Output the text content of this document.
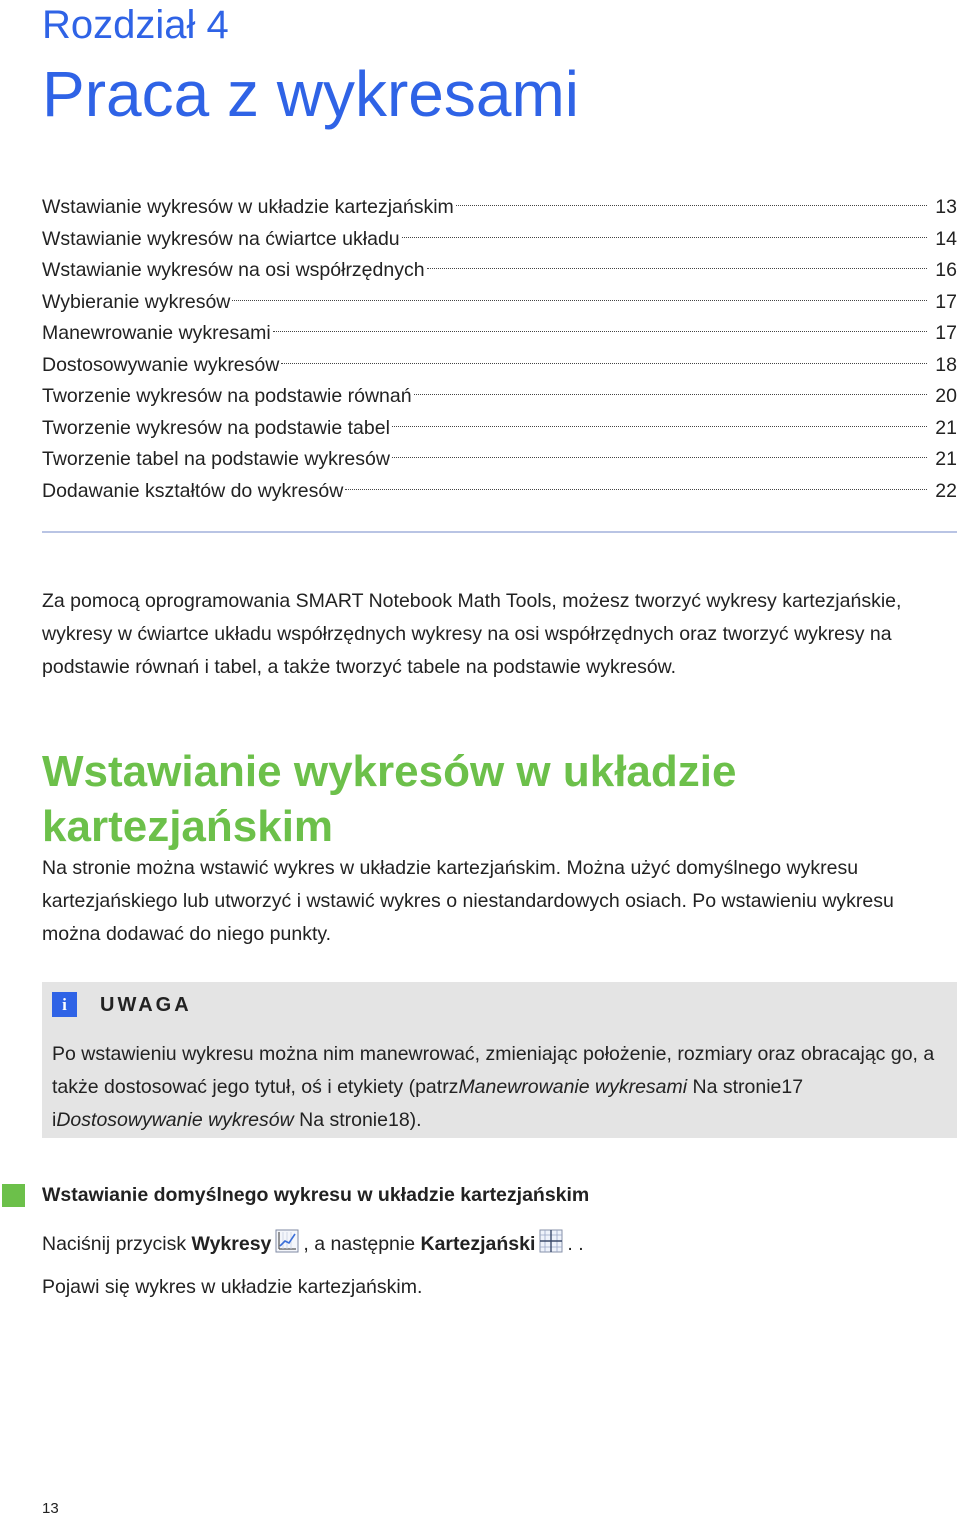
Rozdział 4
Praca z wykresami
Wstawianie wykresów w układzie kartezjańskim	13
Wstawianie wykresów na ćwiartce układu	14
Wstawianie wykresów na osi współrzędnych	16
Wybieranie wykresów	17
Manewrowanie wykresami	17
Dostosowywanie wykresów	18
Tworzenie wykresów na podstawie równań	20
Tworzenie wykresów na podstawie tabel	21
Tworzenie tabel na podstawie wykresów	21
Dodawanie kształtów do wykresów	22

Za pomocą oprogramowania SMART Notebook Math Tools, możesz tworzyć wykresy kartezjańskie, wykresy w ćwiartce układu współrzędnych wykresy na osi współrzędnych oraz tworzyć wykresy na podstawie równań i tabel, a także tworzyć tabele na podstawie wykresów.

Wstawianie wykresów w układzie kartezjańskim

Na stronie można wstawić wykres w układzie kartezjańskim. Można użyć domyślnego wykresu kartezjańskiego lub utworzyć i wstawić wykres o niestandardowych osiach. Po wstawieniu wykresu można dodawać do niego punkty.

i	UWAGA

Po wstawieniu wykresu można nim manewrować, zmieniając położenie, rozmiary oraz obracając go, a także dostosować jego tytuł, oś i etykiety (patrzManewrowanie wykresami Na stronie17 iDostosowywanie wykresów Na stronie18).

Wstawianie domyślnego wykresu w układzie kartezjańskim
Naciśnij przycisk Wykresy , a następnie Kartezjański . .

Pojawi się wykres w układzie kartezjańskim.

13
